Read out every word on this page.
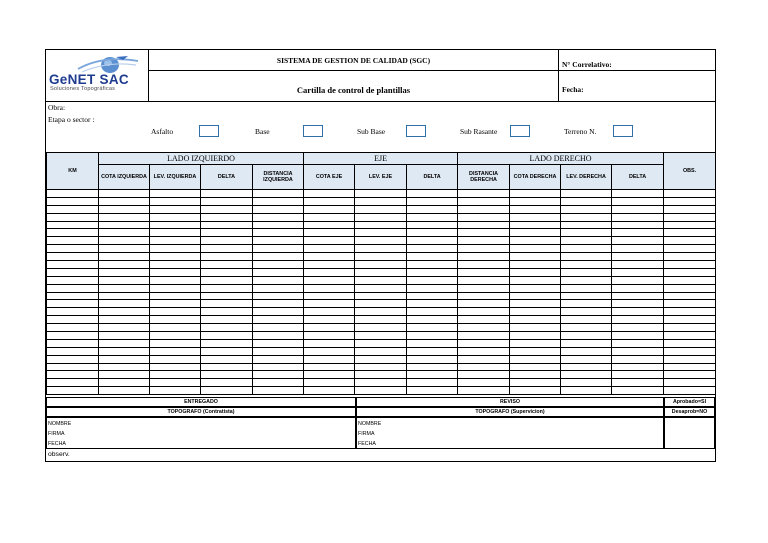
GeNET SAC
Soluciones Topográficas
SISTEMA DE GESTION DE CALIDAD (SGC)
Cartilla de control de plantillas
N° Correlativo:
Fecha:
Obra:
Etapa o sector :
Asfalto	Base	Sub Base	Sub Rasante	Terreno N.
KM	LADO IZQUIERDO				EJE			LADO DERECHO				OBS.
	COTA IZQUIERDA	LEV. IZQUIERDA	DELTA	DISTANCIA IZQUIERDA	COTA EJE	LEV. EJE	DELTA	DISTANCIA DERECHA	COTA DERECHA	LEV. DERECHA	DELTA	

ENTREGADO
TOPOGRAFO (Contratista)
REVISO
TOPOGRAFO (Supervicion)
Aprobado=SI
Desaprob=NO
NOMBRE
FIRMA
FECHA
NOMBRE
FIRMA
FECHA
observ.
